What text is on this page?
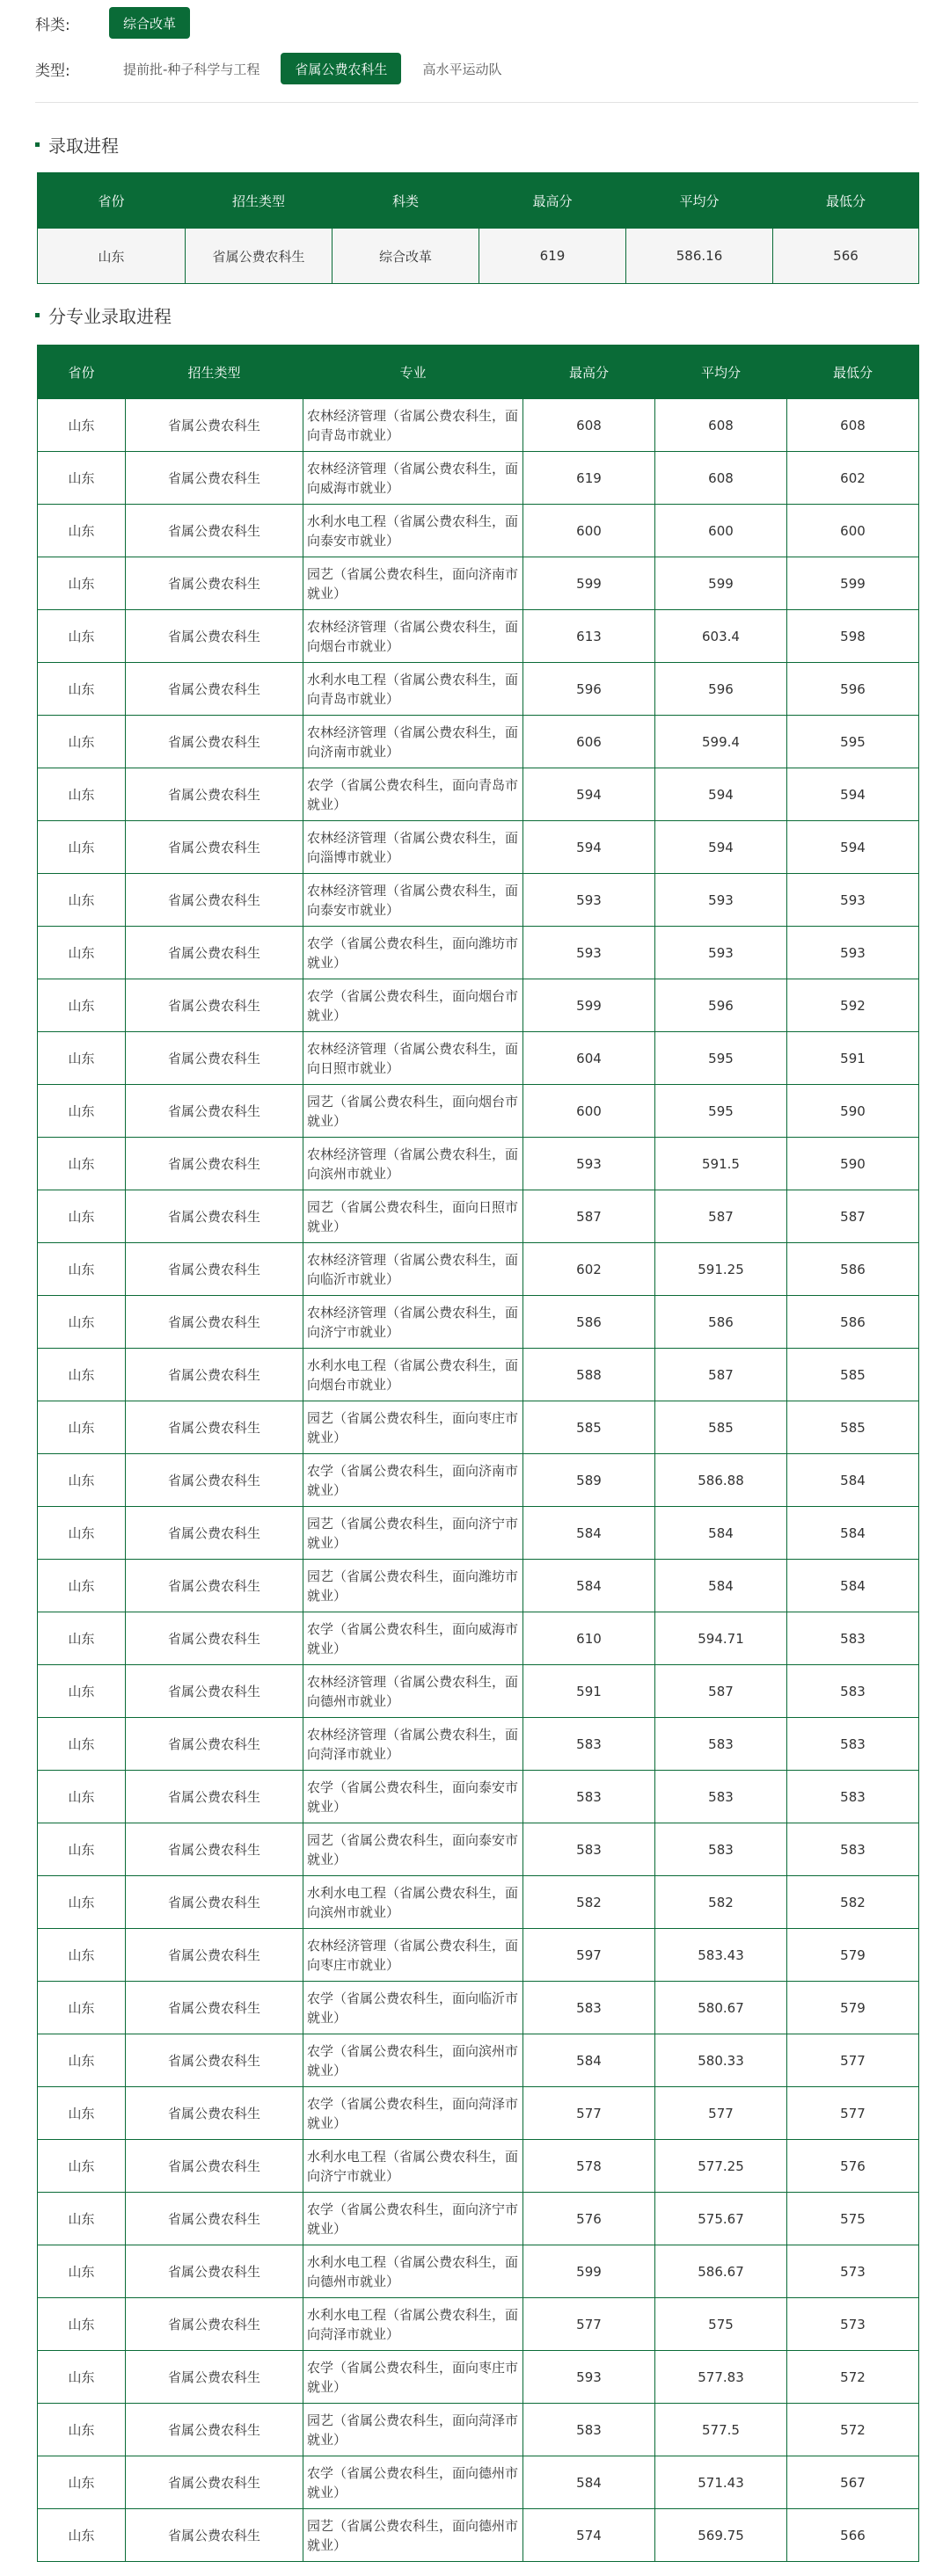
科类:	综合改革
类型:	提前批-种子科学与工程	省属公费农科生	高水平运动队
录取进程
省份	招生类型	科类	最高分	平均分	最低分
山东	省属公费农科生	综合改革	619	586.16	566
分专业录取进程
省份	招生类型	专业	最高分	平均分	最低分
山东	省属公费农科生	农林经济管理（省属公费农科生，面向青岛市就业）	608	608	608
山东	省属公费农科生	农林经济管理（省属公费农科生，面向威海市就业）	619	608	602
山东	省属公费农科生	水利水电工程（省属公费农科生，面向泰安市就业）	600	600	600
山东	省属公费农科生	园艺（省属公费农科生，面向济南市就业）	599	599	599
山东	省属公费农科生	农林经济管理（省属公费农科生，面向烟台市就业）	613	603.4	598
山东	省属公费农科生	水利水电工程（省属公费农科生，面向青岛市就业）	596	596	596
山东	省属公费农科生	农林经济管理（省属公费农科生，面向济南市就业）	606	599.4	595
山东	省属公费农科生	农学（省属公费农科生，面向青岛市就业）	594	594	594
山东	省属公费农科生	农林经济管理（省属公费农科生，面向淄博市就业）	594	594	594
山东	省属公费农科生	农林经济管理（省属公费农科生，面向泰安市就业）	593	593	593
山东	省属公费农科生	农学（省属公费农科生，面向潍坊市就业）	593	593	593
山东	省属公费农科生	农学（省属公费农科生，面向烟台市就业）	599	596	592
山东	省属公费农科生	农林经济管理（省属公费农科生，面向日照市就业）	604	595	591
山东	省属公费农科生	园艺（省属公费农科生，面向烟台市就业）	600	595	590
山东	省属公费农科生	农林经济管理（省属公费农科生，面向滨州市就业）	593	591.5	590
山东	省属公费农科生	园艺（省属公费农科生，面向日照市就业）	587	587	587
山东	省属公费农科生	农林经济管理（省属公费农科生，面向临沂市就业）	602	591.25	586
山东	省属公费农科生	农林经济管理（省属公费农科生，面向济宁市就业）	586	586	586
山东	省属公费农科生	水利水电工程（省属公费农科生，面向烟台市就业）	588	587	585
山东	省属公费农科生	园艺（省属公费农科生，面向枣庄市就业）	585	585	585
山东	省属公费农科生	农学（省属公费农科生，面向济南市就业）	589	586.88	584
山东	省属公费农科生	园艺（省属公费农科生，面向济宁市就业）	584	584	584
山东	省属公费农科生	园艺（省属公费农科生，面向潍坊市就业）	584	584	584
山东	省属公费农科生	农学（省属公费农科生，面向威海市就业）	610	594.71	583
山东	省属公费农科生	农林经济管理（省属公费农科生，面向德州市就业）	591	587	583
山东	省属公费农科生	农林经济管理（省属公费农科生，面向菏泽市就业）	583	583	583
山东	省属公费农科生	农学（省属公费农科生，面向泰安市就业）	583	583	583
山东	省属公费农科生	园艺（省属公费农科生，面向泰安市就业）	583	583	583
山东	省属公费农科生	水利水电工程（省属公费农科生，面向滨州市就业）	582	582	582
山东	省属公费农科生	农林经济管理（省属公费农科生，面向枣庄市就业）	597	583.43	579
山东	省属公费农科生	农学（省属公费农科生，面向临沂市就业）	583	580.67	579
山东	省属公费农科生	农学（省属公费农科生，面向滨州市就业）	584	580.33	577
山东	省属公费农科生	农学（省属公费农科生，面向菏泽市就业）	577	577	577
山东	省属公费农科生	水利水电工程（省属公费农科生，面向济宁市就业）	578	577.25	576
山东	省属公费农科生	农学（省属公费农科生，面向济宁市就业）	576	575.67	575
山东	省属公费农科生	水利水电工程（省属公费农科生，面向德州市就业）	599	586.67	573
山东	省属公费农科生	水利水电工程（省属公费农科生，面向菏泽市就业）	577	575	573
山东	省属公费农科生	农学（省属公费农科生，面向枣庄市就业）	593	577.83	572
山东	省属公费农科生	园艺（省属公费农科生，面向菏泽市就业）	583	577.5	572
山东	省属公费农科生	农学（省属公费农科生，面向德州市就业）	584	571.43	567
山东	省属公费农科生	园艺（省属公费农科生，面向德州市就业）	574	569.75	566
